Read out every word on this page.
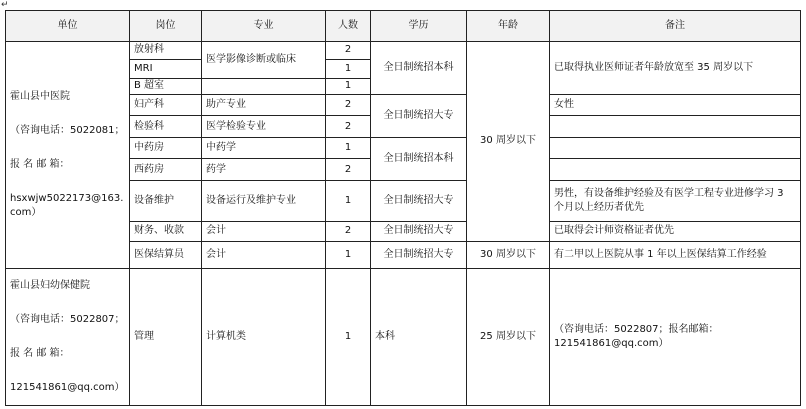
↵
单位	岗位	专业	人数	学历	年龄	备注

霍山县中医院

（咨询电话：5022081；

报 名 邮 箱：

hsxwjw5022173@163.com）	放射科	医学影像诊断或临床	2	全日制统招本科	30 周岁以下	已取得执业医师证者年龄放宽至 35 周岁以下
	MRI		1			
	B 超室		1			
	妇产科	助产专业	2	全日制统招大专		女性
	检验科	医学检验专业	2			
	中药房	中药学	1	全日制统招本科		
	西药房	药学	2			
	设备维护	设备运行及维护专业	1	全日制统招大专		男性，有设备维护经验及有医学工程专业进修学习 3 个月以上经历者优先
	财务、收款	会计	2	全日制统招大专		已取得会计师资格证者优先
	医保结算员	会计	1	全日制统招大专	30 周岁以下	有二甲以上医院从事 1 年以上医保结算工作经验

霍山县妇幼保健院

（咨询电话：5022807；

报 名 邮 箱：

121541861@qq.com）	管理	计算机类	1	本科	25 周岁以下	（咨询电话：5022807；报名邮箱：121541861@qq.com）
